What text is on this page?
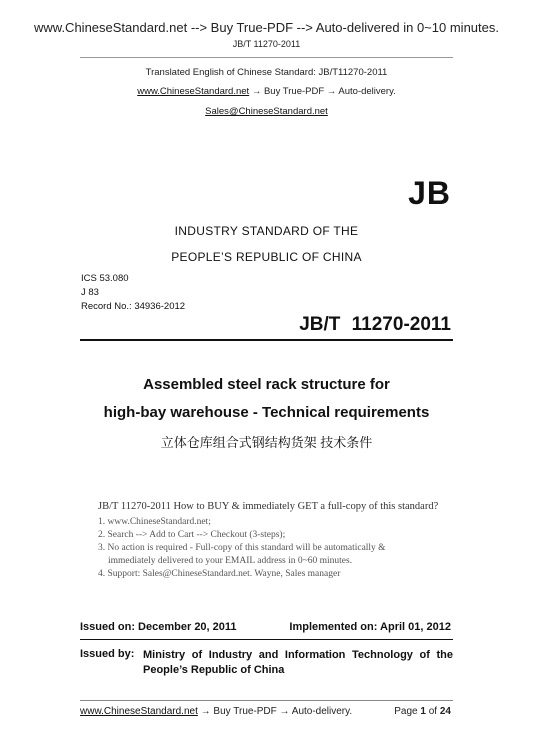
www.ChineseStandard.net --> Buy True-PDF --> Auto-delivered in 0~10 minutes.
JB/T 11270-2011
Translated English of Chinese Standard: JB/T11270-2011
www.ChineseStandard.net → Buy True-PDF → Auto-delivery.
Sales@ChineseStandard.net
JB
INDUSTRY STANDARD OF THE
PEOPLE’S REPUBLIC OF CHINA
ICS 53.080
J 83
Record No.: 34936-2012
JB/T 11270-2011
Assembled steel rack structure for
high-bay warehouse - Technical requirements
立体仓库组合式钢结构货架 技术条件
JB/T 11270-2011 How to BUY & immediately GET a full-copy of this standard?
1. www.ChineseStandard.net;
2. Search --> Add to Cart --> Checkout (3-steps);
3. No action is required - Full-copy of this standard will be automatically &
immediately delivered to your EMAIL address in 0~60 minutes.
4. Support: Sales@ChineseStandard.net. Wayne, Sales manager
Issued on: December 20, 2011	Implemented on: April 01, 2012
Issued by: Ministry of Industry and Information Technology of the People’s Republic of China
www.ChineseStandard.net → Buy True-PDF → Auto-delivery.	Page 1 of 24
